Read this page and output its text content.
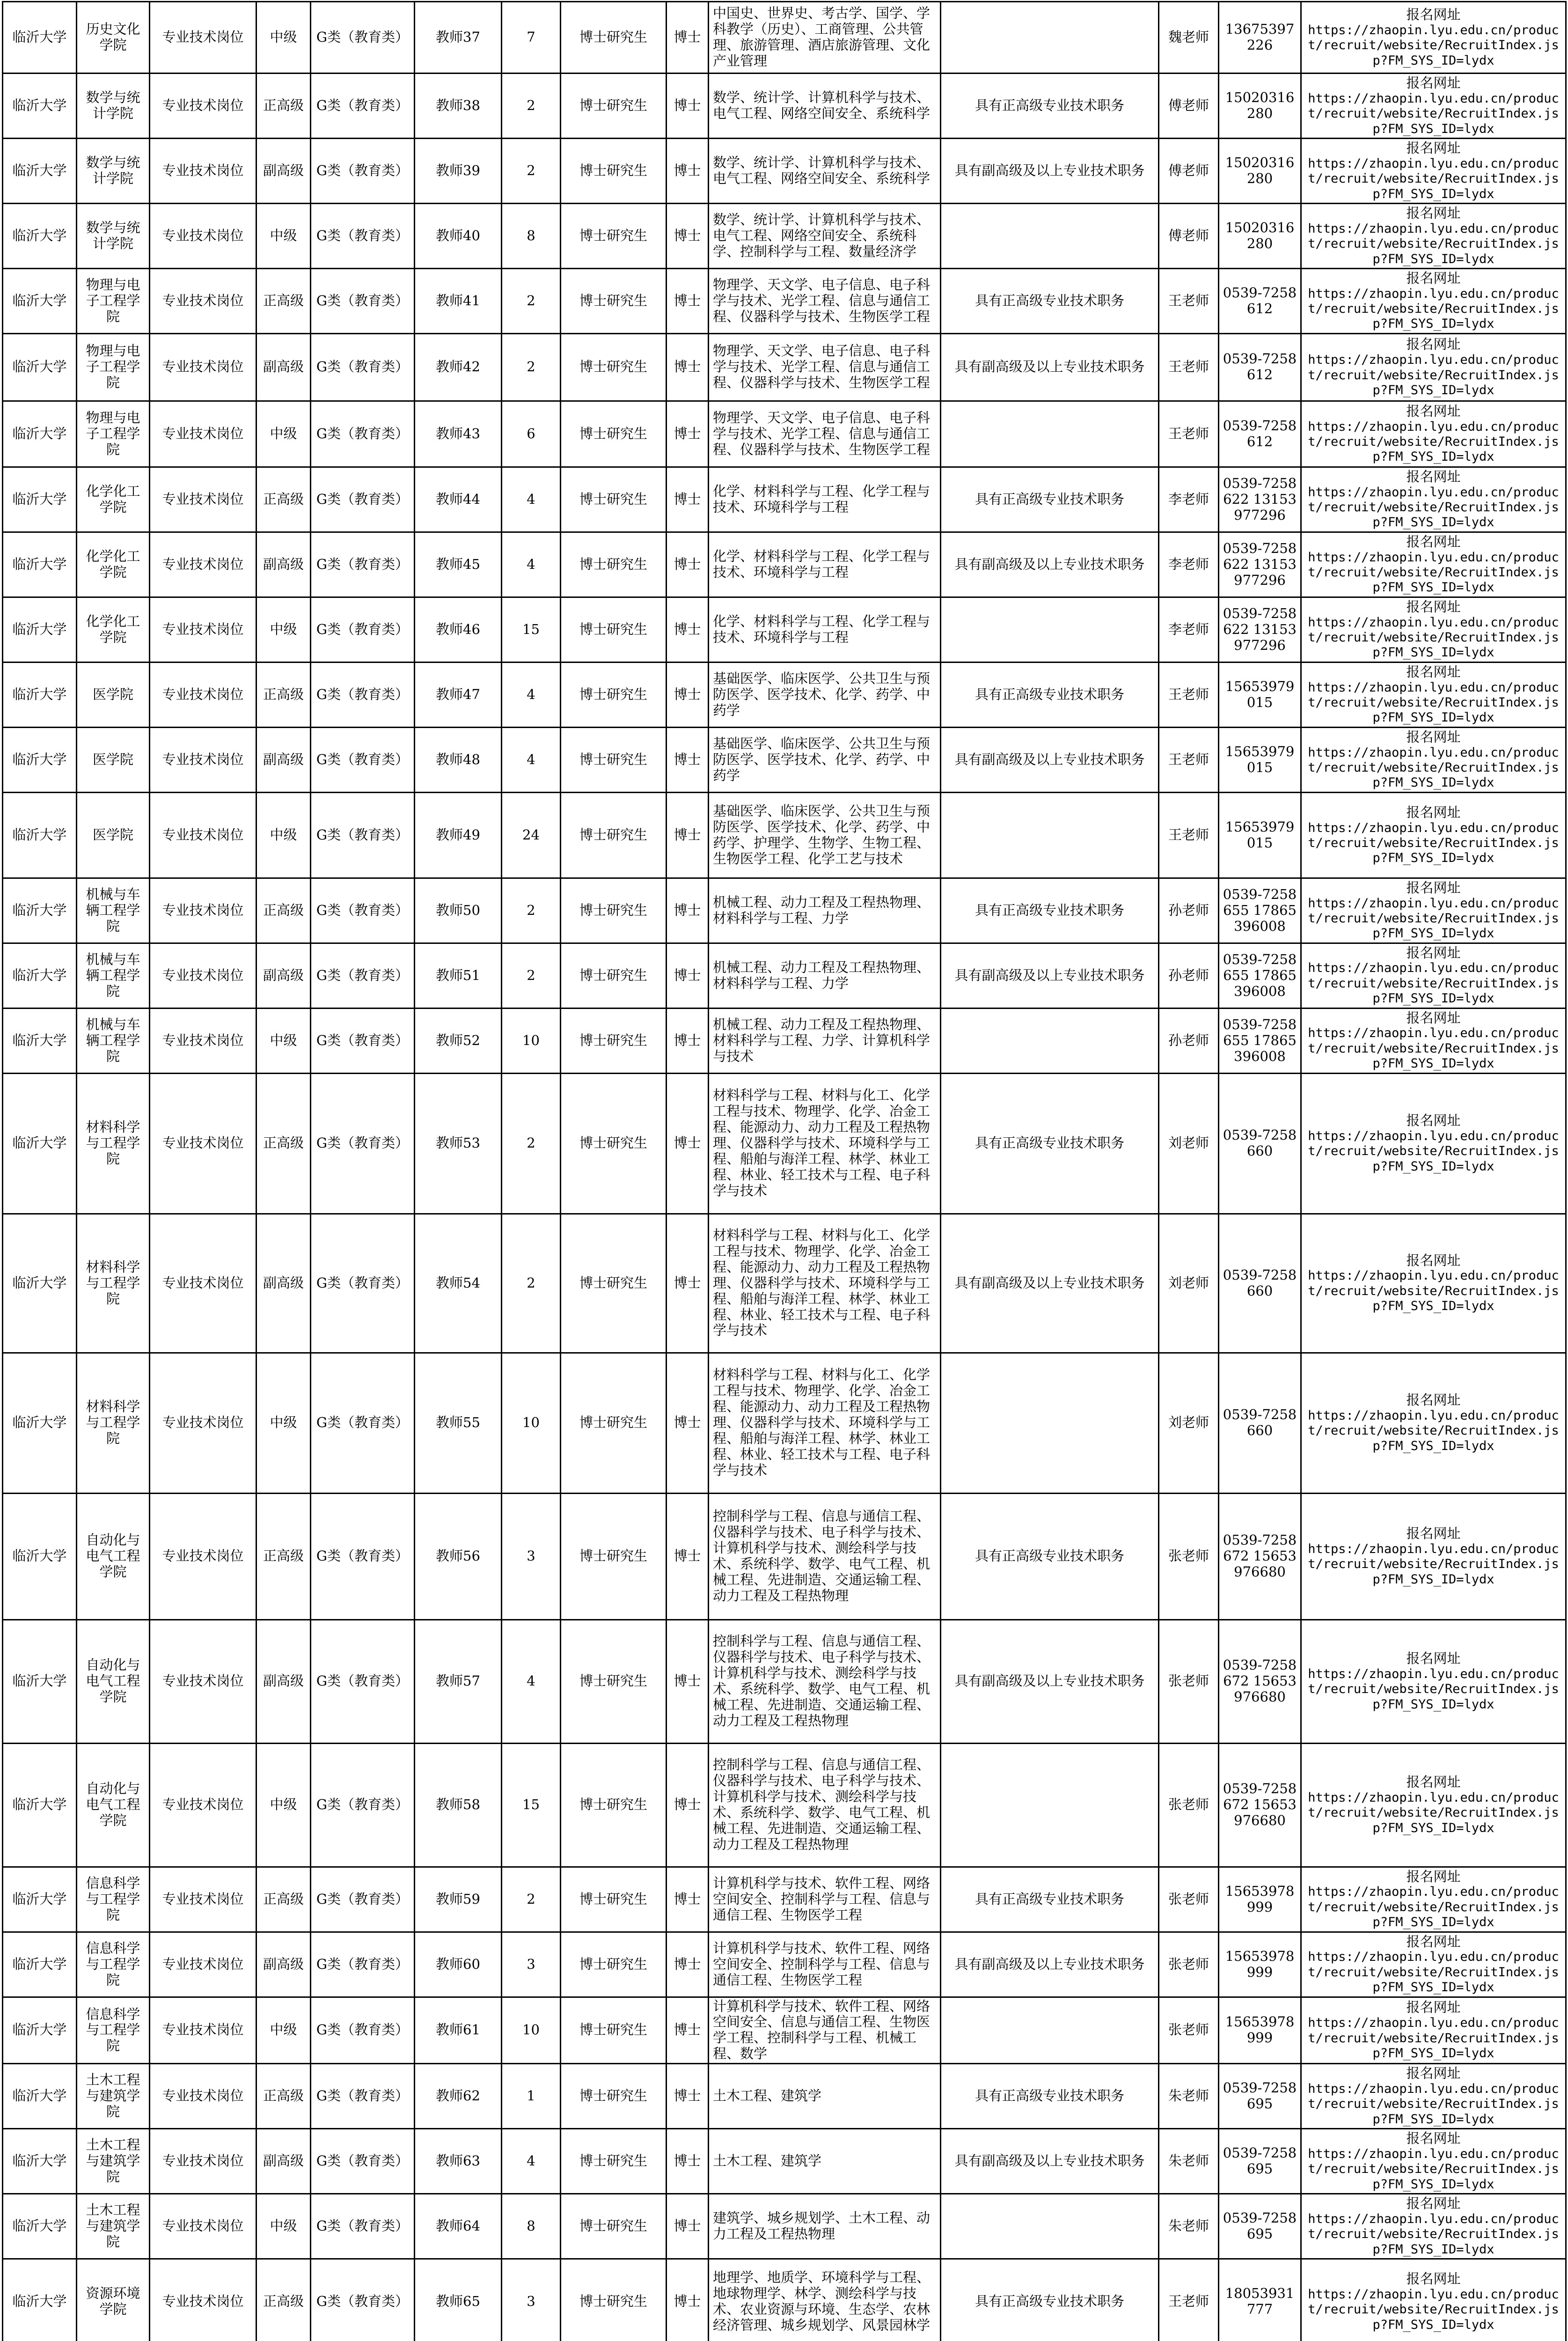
临沂大学	历史文化学院	专业技术岗位	中级	G类（教育类）	教师37	7	博士研究生	博士	中国史、世界史、考古学、国学、学科教学（历史）、工商管理、公共管理、旅游管理、酒店旅游管理、文化产业管理		魏老师	13675397226	报名网址
https://zhaopin.lyu.edu.cn/product/recruit/website/RecruitIndex.jsp?FM_SYS_ID=lydx

临沂大学	数学与统计学院	专业技术岗位	正高级	G类（教育类）	教师38	2	博士研究生	博士	数学、统计学、计算机科学与技术、电气工程、网络空间安全、系统科学	具有正高级专业技术职务	傅老师	15020316280	报名网址
https://zhaopin.lyu.edu.cn/product/recruit/website/RecruitIndex.jsp?FM_SYS_ID=lydx

临沂大学	数学与统计学院	专业技术岗位	副高级	G类（教育类）	教师39	2	博士研究生	博士	数学、统计学、计算机科学与技术、电气工程、网络空间安全、系统科学	具有副高级及以上专业技术职务	傅老师	15020316280	报名网址
https://zhaopin.lyu.edu.cn/product/recruit/website/RecruitIndex.jsp?FM_SYS_ID=lydx

临沂大学	数学与统计学院	专业技术岗位	中级	G类（教育类）	教师40	8	博士研究生	博士	数学、统计学、计算机科学与技术、电气工程、网络空间安全、系统科学、控制科学与工程、数量经济学		傅老师	15020316280	报名网址
https://zhaopin.lyu.edu.cn/product/recruit/website/RecruitIndex.jsp?FM_SYS_ID=lydx

临沂大学	物理与电子工程学院	专业技术岗位	正高级	G类（教育类）	教师41	2	博士研究生	博士	物理学、天文学、电子信息、电子科学与技术、光学工程、信息与通信工程、仪器科学与技术、生物医学工程	具有正高级专业技术职务	王老师	0539-7258612	报名网址
https://zhaopin.lyu.edu.cn/product/recruit/website/RecruitIndex.jsp?FM_SYS_ID=lydx

临沂大学	物理与电子工程学院	专业技术岗位	副高级	G类（教育类）	教师42	2	博士研究生	博士	物理学、天文学、电子信息、电子科学与技术、光学工程、信息与通信工程、仪器科学与技术、生物医学工程	具有副高级及以上专业技术职务	王老师	0539-7258612	报名网址
https://zhaopin.lyu.edu.cn/product/recruit/website/RecruitIndex.jsp?FM_SYS_ID=lydx

临沂大学	物理与电子工程学院	专业技术岗位	中级	G类（教育类）	教师43	6	博士研究生	博士	物理学、天文学、电子信息、电子科学与技术、光学工程、信息与通信工程、仪器科学与技术、生物医学工程		王老师	0539-7258612	报名网址
https://zhaopin.lyu.edu.cn/product/recruit/website/RecruitIndex.jsp?FM_SYS_ID=lydx

临沂大学	化学化工学院	专业技术岗位	正高级	G类（教育类）	教师44	4	博士研究生	博士	化学、材料科学与工程、化学工程与技术、环境科学与工程	具有正高级专业技术职务	李老师	0539-7258622 13153977296	报名网址
https://zhaopin.lyu.edu.cn/product/recruit/website/RecruitIndex.jsp?FM_SYS_ID=lydx

临沂大学	化学化工学院	专业技术岗位	副高级	G类（教育类）	教师45	4	博士研究生	博士	化学、材料科学与工程、化学工程与技术、环境科学与工程	具有副高级及以上专业技术职务	李老师	0539-7258622 13153977296	报名网址
https://zhaopin.lyu.edu.cn/product/recruit/website/RecruitIndex.jsp?FM_SYS_ID=lydx

临沂大学	化学化工学院	专业技术岗位	中级	G类（教育类）	教师46	15	博士研究生	博士	化学、材料科学与工程、化学工程与技术、环境科学与工程		李老师	0539-7258622 13153977296	报名网址
https://zhaopin.lyu.edu.cn/product/recruit/website/RecruitIndex.jsp?FM_SYS_ID=lydx

临沂大学	医学院	专业技术岗位	正高级	G类（教育类）	教师47	4	博士研究生	博士	基础医学、临床医学、公共卫生与预防医学、医学技术、化学、药学、中药学	具有正高级专业技术职务	王老师	15653979015	报名网址
https://zhaopin.lyu.edu.cn/product/recruit/website/RecruitIndex.jsp?FM_SYS_ID=lydx

临沂大学	医学院	专业技术岗位	副高级	G类（教育类）	教师48	4	博士研究生	博士	基础医学、临床医学、公共卫生与预防医学、医学技术、化学、药学、中药学	具有副高级及以上专业技术职务	王老师	15653979015	报名网址
https://zhaopin.lyu.edu.cn/product/recruit/website/RecruitIndex.jsp?FM_SYS_ID=lydx

临沂大学	医学院	专业技术岗位	中级	G类（教育类）	教师49	24	博士研究生	博士	基础医学、临床医学、公共卫生与预防医学、医学技术、化学、药学、中药学、护理学、生物学、生物工程、生物医学工程、化学工艺与技术		王老师	15653979015	报名网址
https://zhaopin.lyu.edu.cn/product/recruit/website/RecruitIndex.jsp?FM_SYS_ID=lydx

临沂大学	机械与车辆工程学院	专业技术岗位	正高级	G类（教育类）	教师50	2	博士研究生	博士	机械工程、动力工程及工程热物理、材料科学与工程、力学	具有正高级专业技术职务	孙老师	0539-7258655 17865396008	报名网址
https://zhaopin.lyu.edu.cn/product/recruit/website/RecruitIndex.jsp?FM_SYS_ID=lydx

临沂大学	机械与车辆工程学院	专业技术岗位	副高级	G类（教育类）	教师51	2	博士研究生	博士	机械工程、动力工程及工程热物理、材料科学与工程、力学	具有副高级及以上专业技术职务	孙老师	0539-7258655 17865396008	报名网址
https://zhaopin.lyu.edu.cn/product/recruit/website/RecruitIndex.jsp?FM_SYS_ID=lydx

临沂大学	机械与车辆工程学院	专业技术岗位	中级	G类（教育类）	教师52	10	博士研究生	博士	机械工程、动力工程及工程热物理、材料科学与工程、力学、计算机科学与技术		孙老师	0539-7258655 17865396008	报名网址
https://zhaopin.lyu.edu.cn/product/recruit/website/RecruitIndex.jsp?FM_SYS_ID=lydx

临沂大学	材料科学与工程学院	专业技术岗位	正高级	G类（教育类）	教师53	2	博士研究生	博士	材料科学与工程、材料与化工、化学工程与技术、物理学、化学、冶金工程、能源动力、动力工程及工程热物理、仪器科学与技术、环境科学与工程、船舶与海洋工程、林学、林业工程、林业、轻工技术与工程、电子科学与技术	具有正高级专业技术职务	刘老师	0539-7258660	报名网址
https://zhaopin.lyu.edu.cn/product/recruit/website/RecruitIndex.jsp?FM_SYS_ID=lydx

临沂大学	材料科学与工程学院	专业技术岗位	副高级	G类（教育类）	教师54	2	博士研究生	博士	材料科学与工程、材料与化工、化学工程与技术、物理学、化学、冶金工程、能源动力、动力工程及工程热物理、仪器科学与技术、环境科学与工程、船舶与海洋工程、林学、林业工程、林业、轻工技术与工程、电子科学与技术	具有副高级及以上专业技术职务	刘老师	0539-7258660	报名网址
https://zhaopin.lyu.edu.cn/product/recruit/website/RecruitIndex.jsp?FM_SYS_ID=lydx

临沂大学	材料科学与工程学院	专业技术岗位	中级	G类（教育类）	教师55	10	博士研究生	博士	材料科学与工程、材料与化工、化学工程与技术、物理学、化学、冶金工程、能源动力、动力工程及工程热物理、仪器科学与技术、环境科学与工程、船舶与海洋工程、林学、林业工程、林业、轻工技术与工程、电子科学与技术		刘老师	0539-7258660	报名网址
https://zhaopin.lyu.edu.cn/product/recruit/website/RecruitIndex.jsp?FM_SYS_ID=lydx

临沂大学	自动化与电气工程学院	专业技术岗位	正高级	G类（教育类）	教师56	3	博士研究生	博士	控制科学与工程、信息与通信工程、仪器科学与技术、电子科学与技术、计算机科学与技术、测绘科学与技术、系统科学、数学、电气工程、机械工程、先进制造、交通运输工程、动力工程及工程热物理	具有正高级专业技术职务	张老师	0539-7258672 15653976680	报名网址
https://zhaopin.lyu.edu.cn/product/recruit/website/RecruitIndex.jsp?FM_SYS_ID=lydx

临沂大学	自动化与电气工程学院	专业技术岗位	副高级	G类（教育类）	教师57	4	博士研究生	博士	控制科学与工程、信息与通信工程、仪器科学与技术、电子科学与技术、计算机科学与技术、测绘科学与技术、系统科学、数学、电气工程、机械工程、先进制造、交通运输工程、动力工程及工程热物理	具有副高级及以上专业技术职务	张老师	0539-7258672 15653976680	报名网址
https://zhaopin.lyu.edu.cn/product/recruit/website/RecruitIndex.jsp?FM_SYS_ID=lydx

临沂大学	自动化与电气工程学院	专业技术岗位	中级	G类（教育类）	教师58	15	博士研究生	博士	控制科学与工程、信息与通信工程、仪器科学与技术、电子科学与技术、计算机科学与技术、测绘科学与技术、系统科学、数学、电气工程、机械工程、先进制造、交通运输工程、动力工程及工程热物理		张老师	0539-7258672 15653976680	报名网址
https://zhaopin.lyu.edu.cn/product/recruit/website/RecruitIndex.jsp?FM_SYS_ID=lydx

临沂大学	信息科学与工程学院	专业技术岗位	正高级	G类（教育类）	教师59	2	博士研究生	博士	计算机科学与技术、软件工程、网络空间安全、控制科学与工程、信息与通信工程、生物医学工程	具有正高级专业技术职务	张老师	15653978999	报名网址
https://zhaopin.lyu.edu.cn/product/recruit/website/RecruitIndex.jsp?FM_SYS_ID=lydx

临沂大学	信息科学与工程学院	专业技术岗位	副高级	G类（教育类）	教师60	3	博士研究生	博士	计算机科学与技术、软件工程、网络空间安全、控制科学与工程、信息与通信工程、生物医学工程	具有副高级及以上专业技术职务	张老师	15653978999	报名网址
https://zhaopin.lyu.edu.cn/product/recruit/website/RecruitIndex.jsp?FM_SYS_ID=lydx

临沂大学	信息科学与工程学院	专业技术岗位	中级	G类（教育类）	教师61	10	博士研究生	博士	计算机科学与技术、软件工程、网络空间安全、信息与通信工程、生物医学工程、控制科学与工程、机械工程、数学		张老师	15653978999	报名网址
https://zhaopin.lyu.edu.cn/product/recruit/website/RecruitIndex.jsp?FM_SYS_ID=lydx

临沂大学	土木工程与建筑学院	专业技术岗位	正高级	G类（教育类）	教师62	1	博士研究生	博士	土木工程、建筑学	具有正高级专业技术职务	朱老师	0539-7258695	报名网址
https://zhaopin.lyu.edu.cn/product/recruit/website/RecruitIndex.jsp?FM_SYS_ID=lydx

临沂大学	土木工程与建筑学院	专业技术岗位	副高级	G类（教育类）	教师63	4	博士研究生	博士	土木工程、建筑学	具有副高级及以上专业技术职务	朱老师	0539-7258695	报名网址
https://zhaopin.lyu.edu.cn/product/recruit/website/RecruitIndex.jsp?FM_SYS_ID=lydx

临沂大学	土木工程与建筑学院	专业技术岗位	中级	G类（教育类）	教师64	8	博士研究生	博士	建筑学、城乡规划学、土木工程、动力工程及工程热物理		朱老师	0539-7258695	报名网址
https://zhaopin.lyu.edu.cn/product/recruit/website/RecruitIndex.jsp?FM_SYS_ID=lydx

临沂大学	资源环境学院	专业技术岗位	正高级	G类（教育类）	教师65	3	博士研究生	博士	地理学、地质学、环境科学与工程、地球物理学、林学、测绘科学与技术、农业资源与环境、生态学、农林经济管理、城乡规划学、风景园林学	具有正高级专业技术职务	王老师	18053931777	报名网址
https://zhaopin.lyu.edu.cn/product/recruit/website/RecruitIndex.jsp?FM_SYS_ID=lydx
